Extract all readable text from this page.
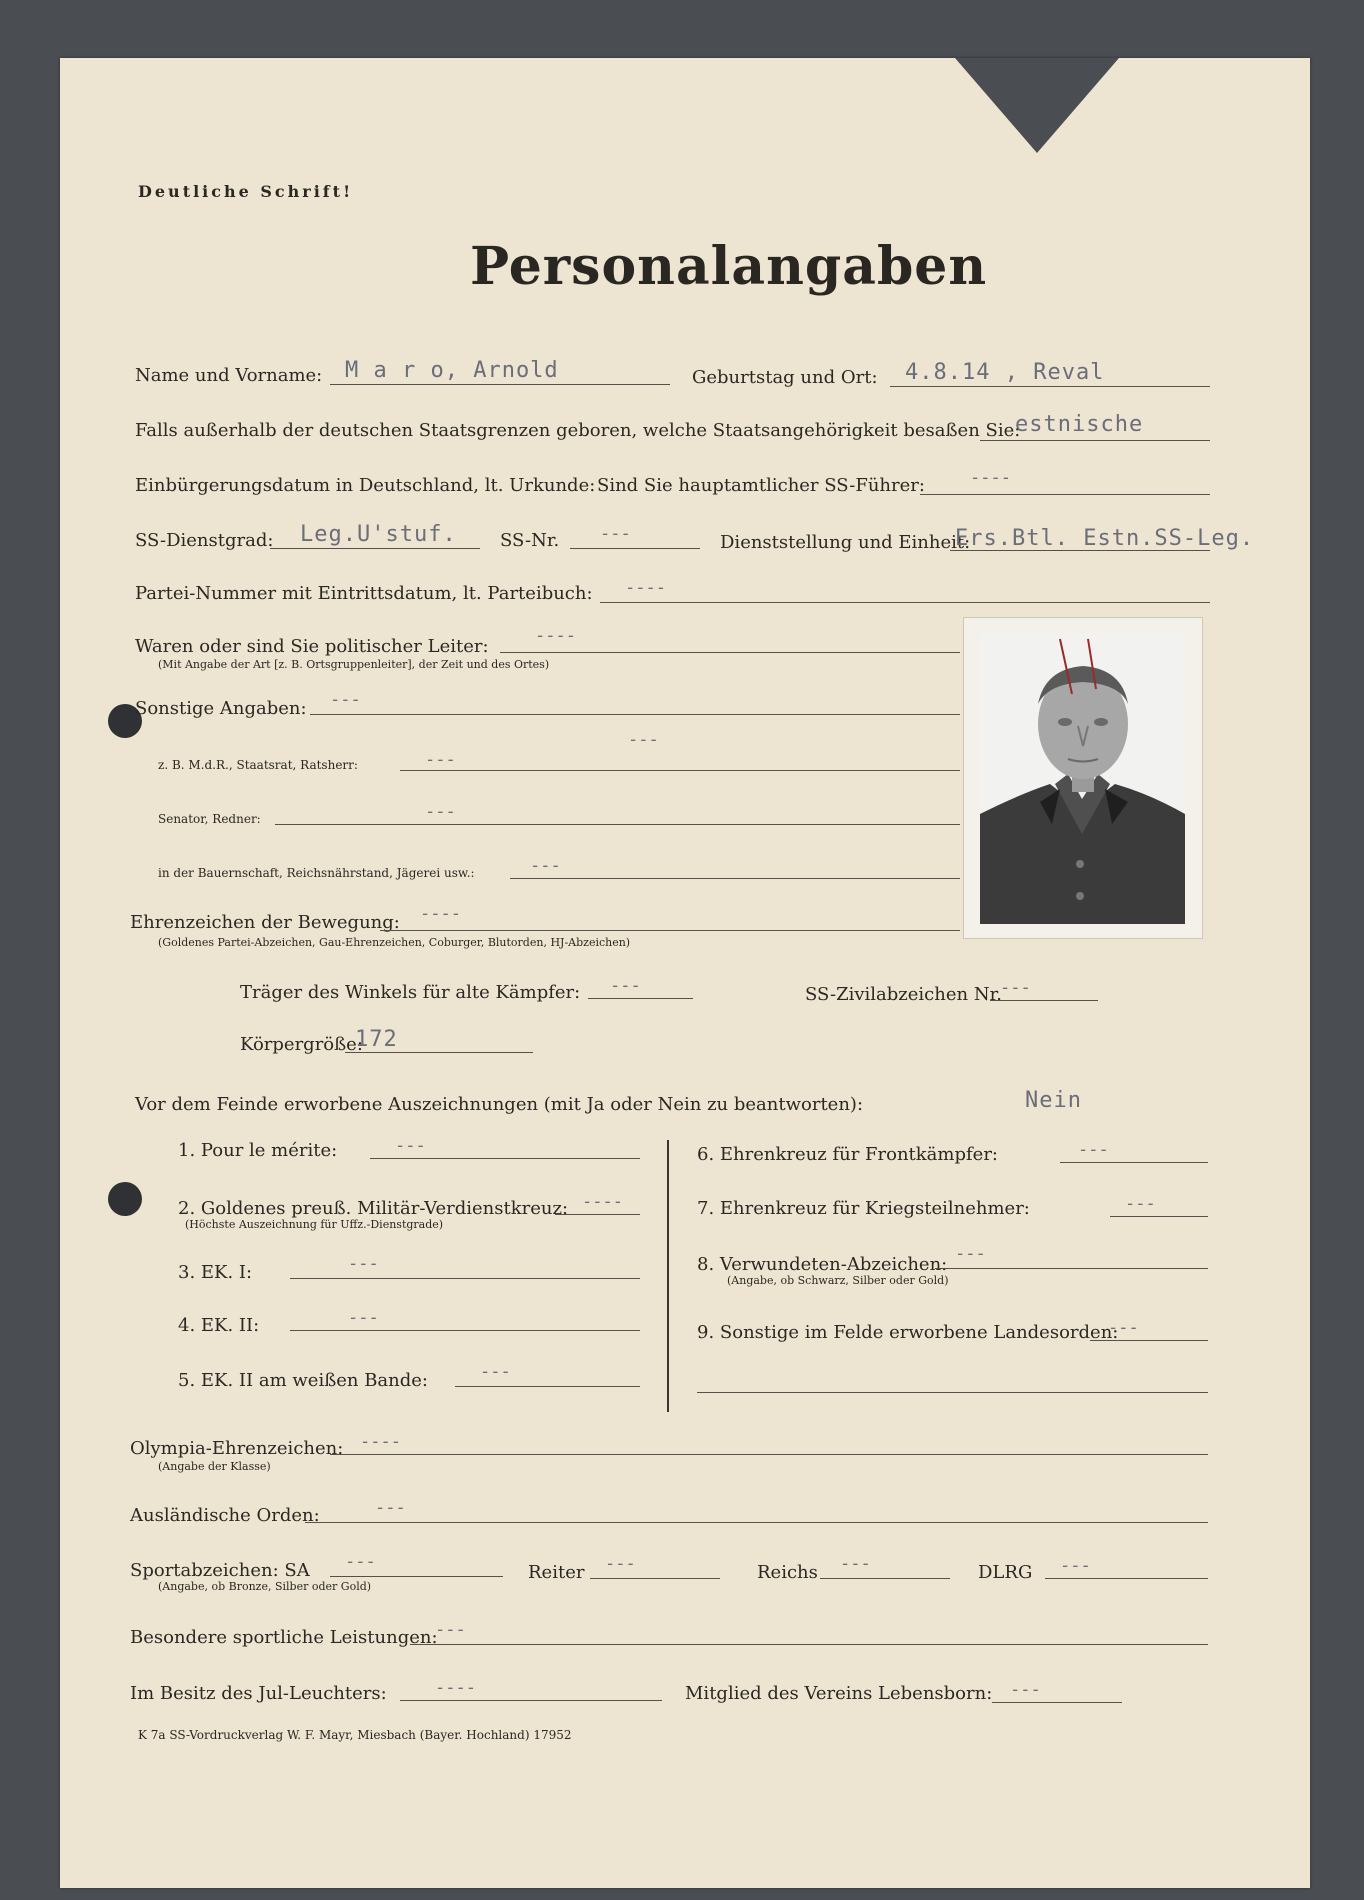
Deutliche Schrift!
Personalangaben
Name und Vorname: M a r o, Arnold	Geburtstag und Ort: 4.8.14 , Reval
Falls außerhalb der deutschen Staatsgrenzen geboren, welche Staatsangehörigkeit besaßen Sie:
estnische
Einbürgerungsdatum in Deutschland, lt. Urkunde: Sind Sie hauptamtlicher SS-Führer:	----
SS-Dienstgrad: Leg.U'stuf. SS-Nr. ---	Dienststellung und Einheit:
Ers.Btl. Estn.SS-Leg.
Partei-Nummer mit Eintrittsdatum, lt. Parteibuch: ----
Waren oder sind Sie politischer Leiter:	----
(Mit Angabe der Art [z. B. Ortsgruppenleiter], der Zeit und des Ortes)
Sonstige Angaben: ---
---
z. B. M.d.R., Staatsrat, Ratsherr:	---
Senator, Redner:	---
in der Bauernschaft, Reichsnährstand, Jägerei usw.:	---
Ehrenzeichen der Bewegung: ----
(Goldenes Partei-Abzeichen, Gau-Ehrenzeichen, Coburger, Blutorden, HJ-Abzeichen)
Träger des Winkels für alte Kämpfer: ---	SS-Zivilabzeichen Nr.
---
Körpergröße:
172
Vor dem Feinde erworbene Auszeichnungen (mit Ja oder Nein zu beantworten):	Nein
1. Pour le mérite:	---
2. Goldenes preuß. Militär-Verdienstkreuz: ----
(Höchste Auszeichnung für Uffz.-Dienstgrade)
3. EK. I:	---
4. EK. II:	---
5. EK. II am weißen Bande:	---
6. Ehrenkreuz für Frontkämpfer:	---
7. Ehrenkreuz für Kriegsteilnehmer:	---
8. Verwundeten-Abzeichen: ---
(Angabe, ob Schwarz, Silber oder Gold)
9. Sonstige im Felde erworbene Landesorden:
---
Olympia-Ehrenzeichen: ----
(Angabe der Klasse)
Ausländische Orden:	---
Sportabzeichen: SA ---
(Angabe, ob Bronze, Silber oder Gold)
Reiter ---	Reichs ---	DLRG ---
Besondere sportliche Leistungen:
---
Im Besitz des Jul-Leuchters:	----	Mitglied des Vereins Lebensborn: ---
K 7a SS-Vordruckverlag W. F. Mayr, Miesbach (Bayer. Hochland) 17952
